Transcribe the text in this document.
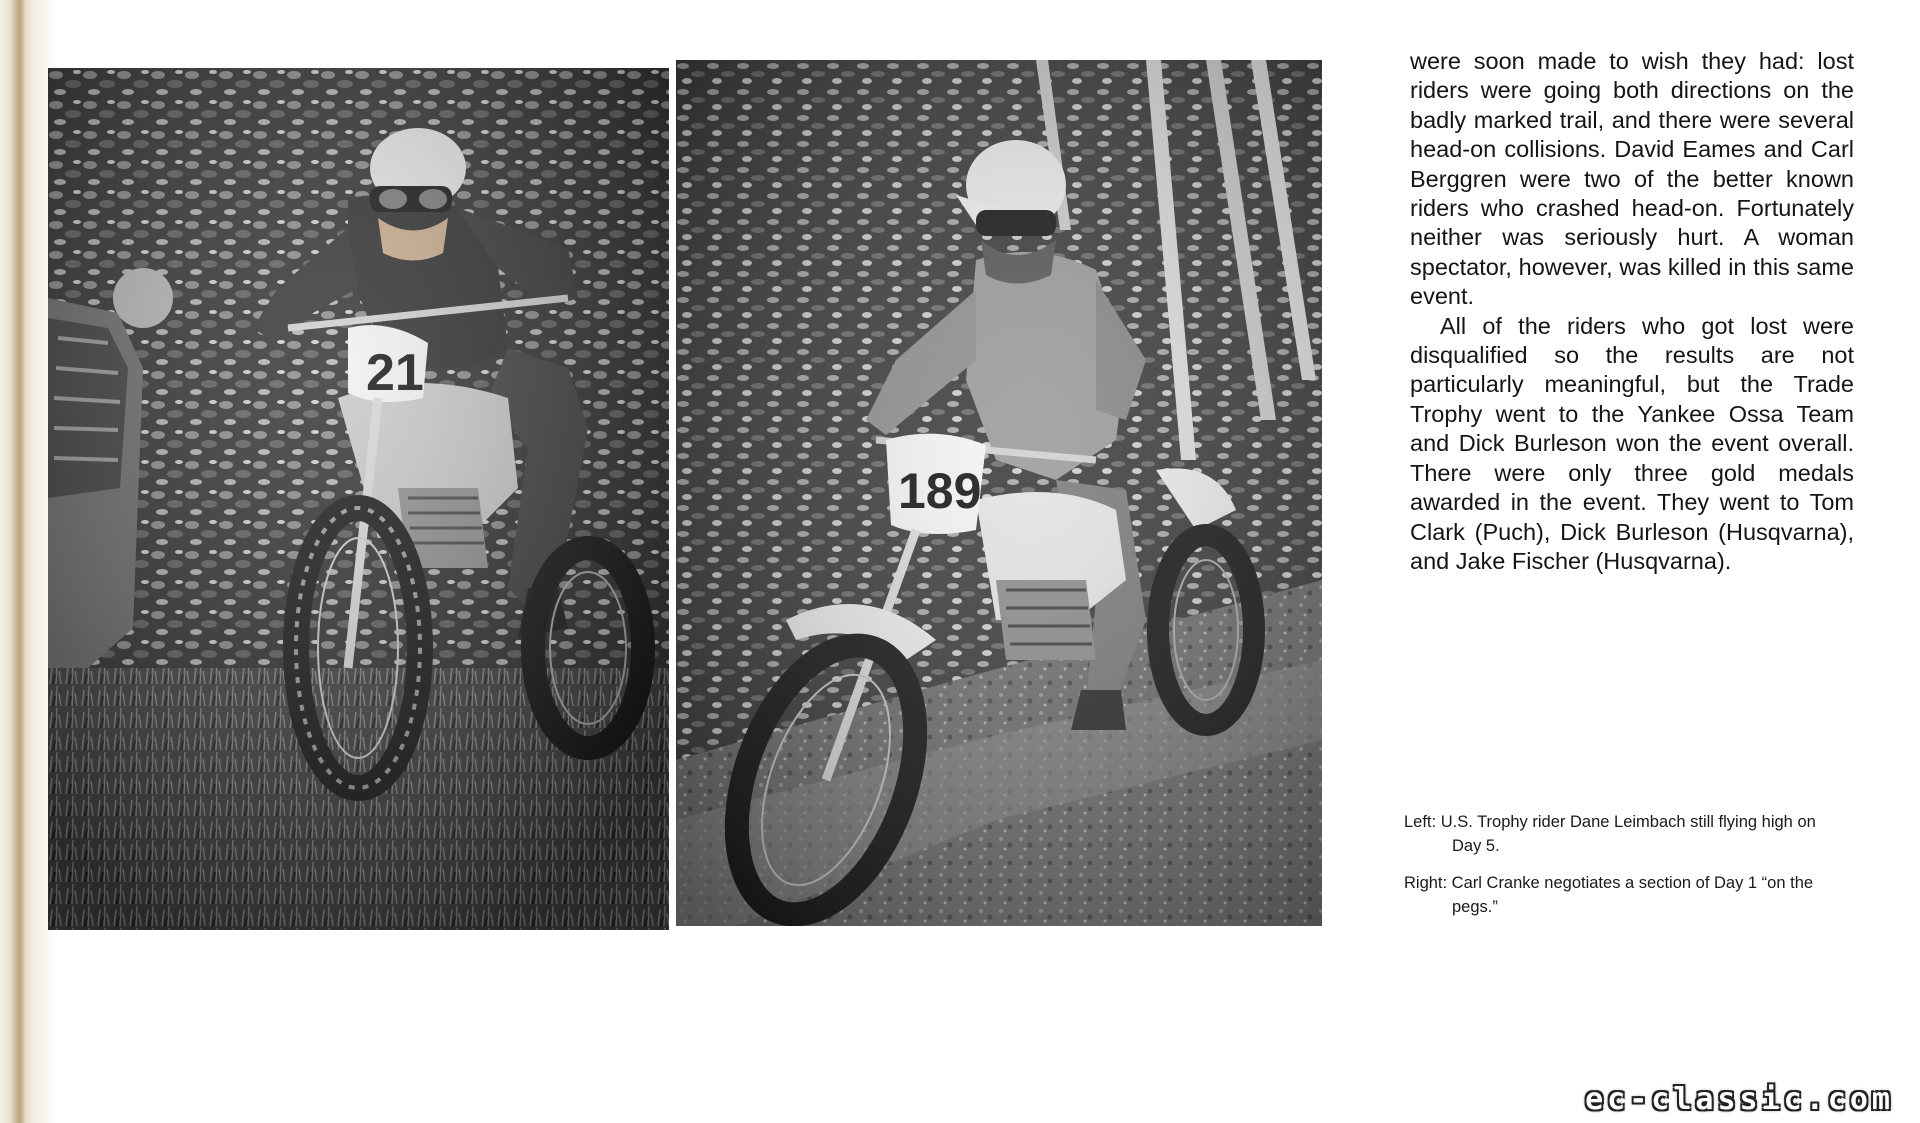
were soon made to wish they had: lost riders were going both directions on the badly marked trail, and there were several head-on collisions. David Eames and Carl Berggren were two of the better known riders who crashed head-on. Fortunately neither was seriously hurt. A woman spectator, however, was killed in this same event.

All of the riders who got lost were disqualified so the results are not particularly meaningful, but the Trade Trophy went to the Yankee Ossa Team and Dick Burleson won the event overall. There were only three gold medals awarded in the event. They went to Tom Clark (Puch), Dick Burleson (Husqvarna), and Jake Fischer (Husqvarna).

Left: U.S. Trophy rider Dane Leimbach still flying high on Day 5.

Right: Carl Cranke negotiates a section of Day 1 “on the pegs.”

ec-classic.com
